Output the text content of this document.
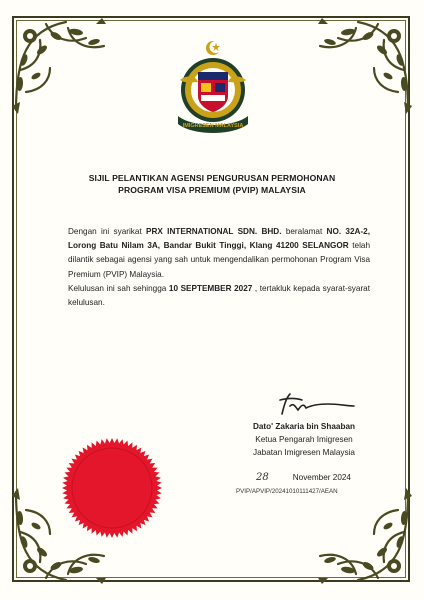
IMIGRESEN MALAYSIA
SIJIL PELANTIKAN AGENSI PENGURUSAN PERMOHONAN
PROGRAM VISA PREMIUM (PVIP) MALAYSIA

Dengan ini syarikat PRX INTERNATIONAL SDN. BHD. beralamat NO. 32A-2, Lorong Batu Nilam 3A, Bandar Bukit Tinggi, Klang 41200 SELANGOR telah dilantik sebagai agensi yang sah untuk mengendalikan permohonan Program Visa Premium (PVIP) Malaysia.

Kelulusan ini sah sehingga 10 SEPTEMBER 2027 , tertakluk kepada syarat-syarat kelulusan.

Dato' Zakaria bin Shaaban
Ketua Pengarah Imigresen
Jabatan Imigresen Malaysia
28	November 2024
PVIP/APVIP/20241010111427/AEAN
